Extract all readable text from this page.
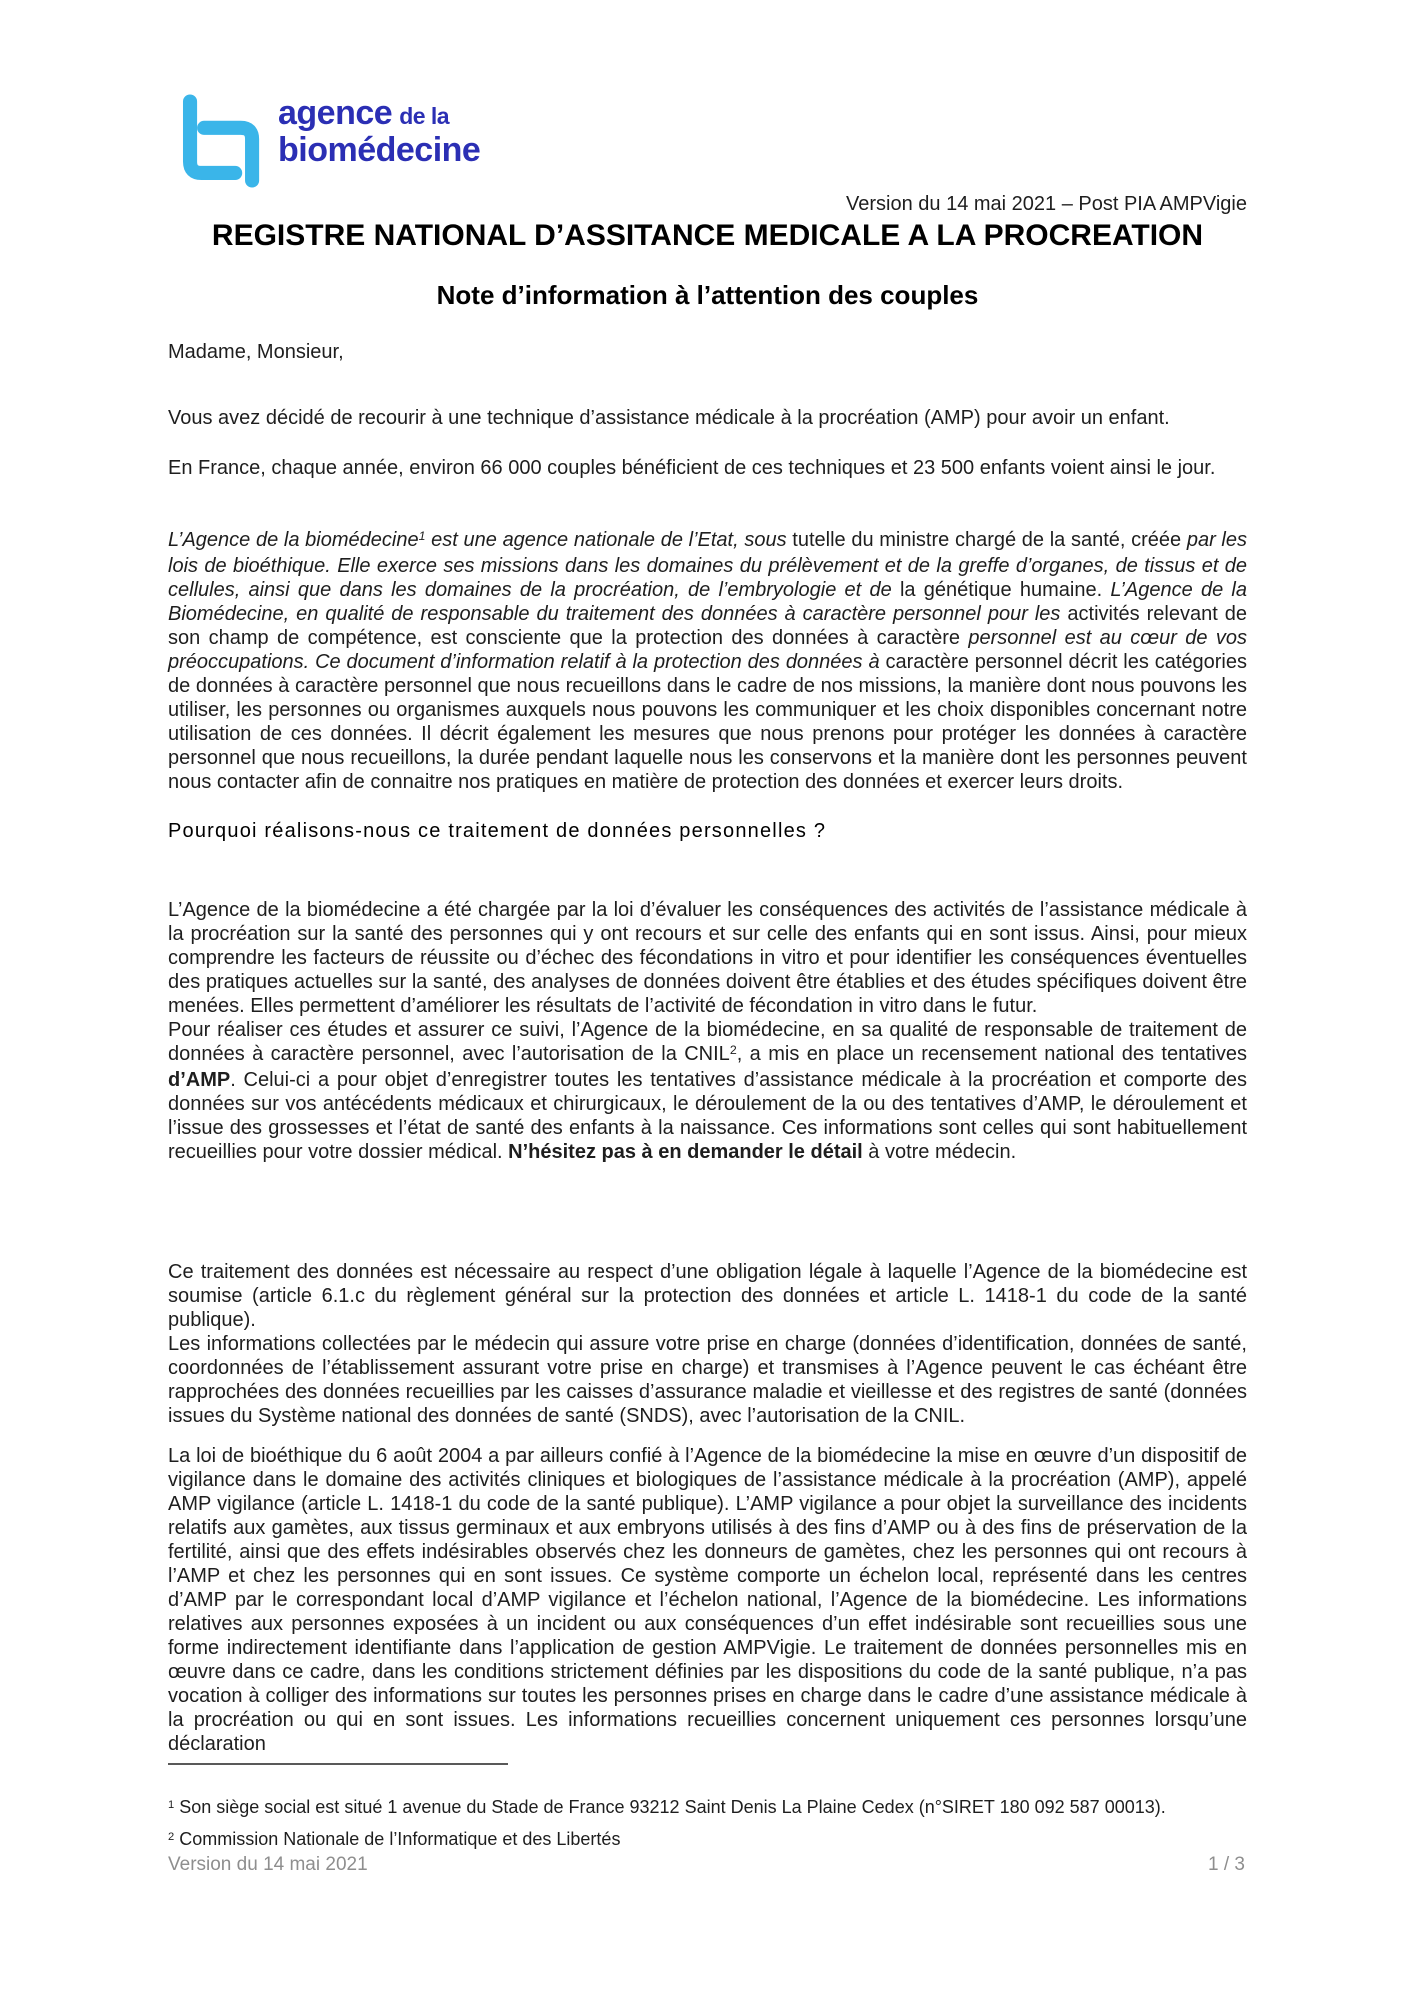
agence de la
biomédecine
Version du 14 mai 2021 – Post PIA AMPVigie
REGISTRE NATIONAL D’ASSITANCE MEDICALE A LA PROCREATION
Note d’information à l’attention des couples
Madame, Monsieur,

Vous avez décidé de recourir à une technique d’assistance médicale à la procréation (AMP) pour avoir un enfant.

En France, chaque année, environ 66 000 couples bénéficient de ces techniques et 23 500 enfants voient ainsi le jour.

L’Agence de la biomédecine$^1$ est une agence nationale de l’Etat, sous tutelle du ministre chargé de la santé, créée par les lois de bioéthique. Elle exerce ses missions dans les domaines du prélèvement et de la greffe d’organes, de tissus et de cellules, ainsi que dans les domaines de la procréation, de l’embryologie et de la génétique humaine. L’Agence de la Biomédecine, en qualité de responsable du traitement des données à caractère personnel pour les activités relevant de son champ de compétence, est consciente que la protection des données à caractère personnel est au cœur de vos préoccupations. Ce document d’information relatif à la protection des données à caractère personnel décrit les catégories de données à caractère personnel que nous recueillons dans le cadre de nos missions, la manière dont nous pouvons les utiliser, les personnes ou organismes auxquels nous pouvons les communiquer et les choix disponibles concernant notre utilisation de ces données. Il décrit également les mesures que nous prenons pour protéger les données à caractère personnel que nous recueillons, la durée pendant laquelle nous les conservons et la manière dont les personnes peuvent nous contacter afin de connaitre nos pratiques en matière de protection des données et exercer leurs droits.

Pourquoi réalisons-nous ce traitement de données personnelles ?

L’Agence de la biomédecine a été chargée par la loi d’évaluer les conséquences des activités de l’assistance médicale à la procréation sur la santé des personnes qui y ont recours et sur celle des enfants qui en sont issus. Ainsi, pour mieux comprendre les facteurs de réussite ou d’échec des fécondations in vitro et pour identifier les conséquences éventuelles des pratiques actuelles sur la santé, des analyses de données doivent être établies et des études spécifiques doivent être menées. Elles permettent d’améliorer les résultats de l’activité de fécondation in vitro dans le futur.
Pour réaliser ces études et assurer ce suivi, l’Agence de la biomédecine, en sa qualité de responsable de traitement de données à caractère personnel, avec l’autorisation de la CNIL$^2$, a mis en place un recensement national des tentatives d’AMP. Celui-ci a pour objet d’enregistrer toutes les tentatives d’assistance médicale à la procréation et comporte des données sur vos antécédents médicaux et chirurgicaux, le déroulement de la ou des tentatives d’AMP, le déroulement et l’issue des grossesses et l’état de santé des enfants à la naissance. Ces informations sont celles qui sont habituellement recueillies pour votre dossier médical. N’hésitez pas à en demander le détail à votre médecin.

Ce traitement des données est nécessaire au respect d’une obligation légale à laquelle l’Agence de la biomédecine est soumise (article 6.1.c du règlement général sur la protection des données et article L. 1418-1 du code de la santé publique).
Les informations collectées par le médecin qui assure votre prise en charge (données d’identification, données de santé, coordonnées de l’établissement assurant votre prise en charge) et transmises à l’Agence peuvent le cas échéant être rapprochées des données recueillies par les caisses d’assurance maladie et vieillesse et des registres de santé (données issues du Système national des données de santé (SNDS), avec l’autorisation de la CNIL.

La loi de bioéthique du 6 août 2004 a par ailleurs confié à l’Agence de la biomédecine la mise en œuvre d’un dispositif de vigilance dans le domaine des activités cliniques et biologiques de l’assistance médicale à la procréation (AMP), appelé AMP vigilance (article L. 1418-1 du code de la santé publique). L’AMP vigilance a pour objet la surveillance des incidents relatifs aux gamètes, aux tissus germinaux et aux embryons utilisés à des fins d’AMP ou à des fins de préservation de la fertilité, ainsi que des effets indésirables observés chez les donneurs de gamètes, chez les personnes qui ont recours à l’AMP et chez les personnes qui en sont issues. Ce système comporte un échelon local, représenté dans les centres d’AMP par le correspondant local d’AMP vigilance et l’échelon national, l’Agence de la biomédecine. Les informations relatives aux personnes exposées à un incident ou aux conséquences d’un effet indésirable sont recueillies sous une forme indirectement identifiante dans l’application de gestion AMPVigie. Le traitement de données personnelles mis en œuvre dans ce cadre, dans les conditions strictement définies par les dispositions du code de la santé publique, n’a pas vocation à colliger des informations sur toutes les personnes prises en charge dans le cadre d’une assistance médicale à la procréation ou qui en sont issues. Les informations recueillies concernent uniquement ces personnes lorsqu’une déclaration

$^1$ Son siège social est situé 1 avenue du Stade de France 93212 Saint Denis La Plaine Cedex (n°SIRET 180 092 587 00013).

$^2$ Commission Nationale de l’Informatique et des Libertés

Version du 14 mai 2021	1 / 3
